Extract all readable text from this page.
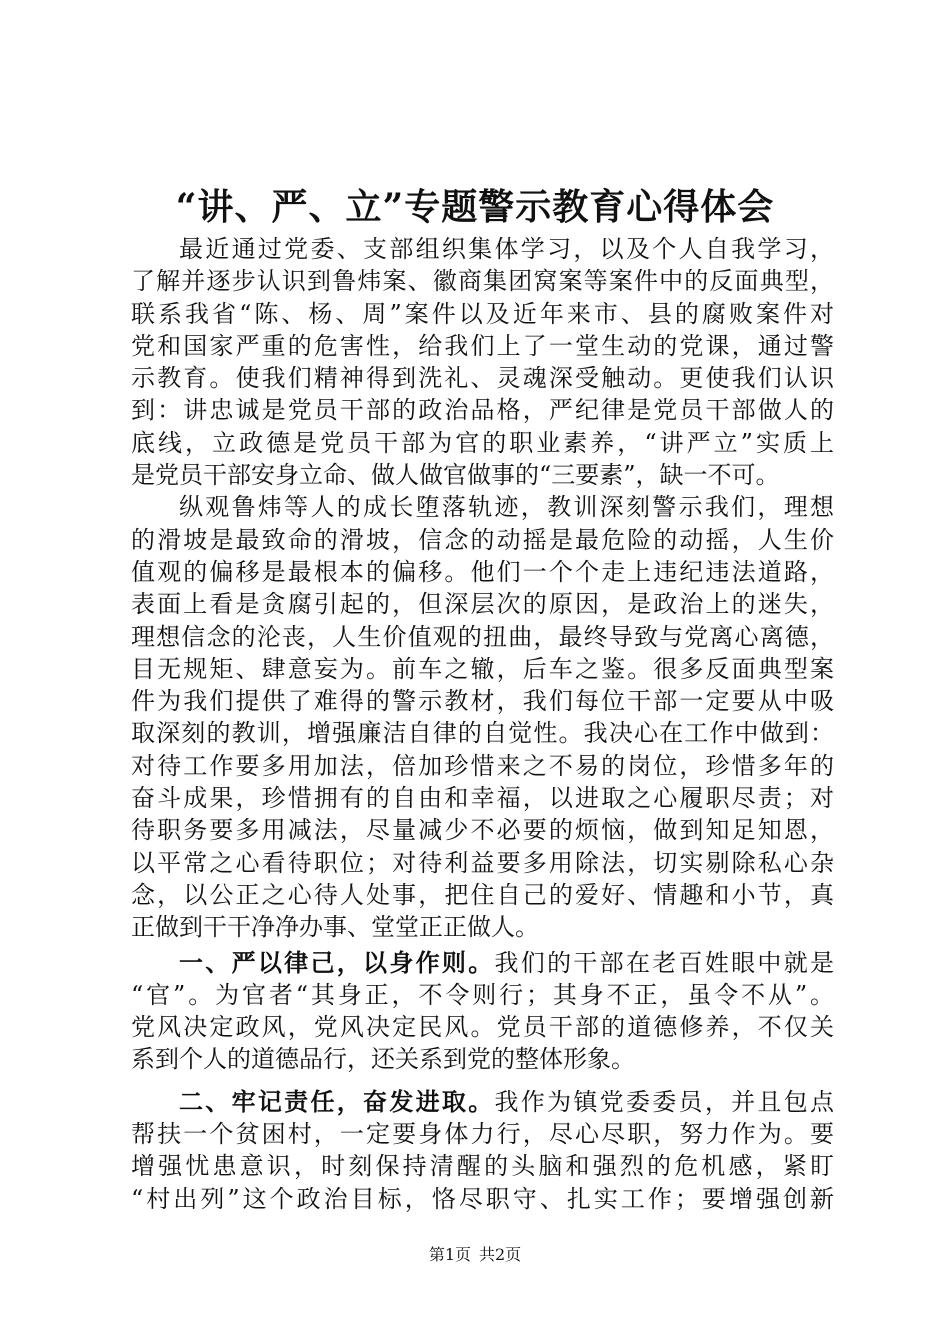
“讲、严、立”专题警示教育心得体会
最近通过党委、支部组织集体学习，以及个人自我学习，
了解并逐步认识到鲁炜案、徽商集团窝案等案件中的反面典型，
联系我省“陈、杨、周”案件以及近年来市、县的腐败案件对
党和国家严重的危害性，给我们上了一堂生动的党课，通过警
示教育。使我们精神得到洗礼、灵魂深受触动。更使我们认识
到：讲忠诚是党员干部的政治品格，严纪律是党员干部做人的
底线，立政德是党员干部为官的职业素养，“讲严立”实质上
是党员干部安身立命、做人做官做事的“三要素”，缺一不可。
纵观鲁炜等人的成长堕落轨迹，教训深刻警示我们，理想
的滑坡是最致命的滑坡，信念的动摇是最危险的动摇，人生价
值观的偏移是最根本的偏移。他们一个个走上违纪违法道路，
表面上看是贪腐引起的，但深层次的原因，是政治上的迷失，
理想信念的沦丧，人生价值观的扭曲，最终导致与党离心离德，
目无规矩、肆意妄为。前车之辙，后车之鉴。很多反面典型案
件为我们提供了难得的警示教材，我们每位干部一定要从中吸
取深刻的教训，增强廉洁自律的自觉性。我决心在工作中做到：
对待工作要多用加法，倍加珍惜来之不易的岗位，珍惜多年的
奋斗成果，珍惜拥有的自由和幸福，以进取之心履职尽责；对
待职务要多用减法，尽量减少不必要的烦恼，做到知足知恩，
以平常之心看待职位；对待利益要多用除法，切实剔除私心杂
念，以公正之心待人处事，把住自己的爱好、情趣和小节，真
正做到干干净净办事、堂堂正正做人。
一、严以律己，以身作则。我们的干部在老百姓眼中就是
“官”。为官者“其身正，不令则行；其身不正，虽令不从”。
党风决定政风，党风决定民风。党员干部的道德修养，不仅关
系到个人的道德品行，还关系到党的整体形象。
二、牢记责任，奋发进取。我作为镇党委委员，并且包点
帮扶一个贫困村，一定要身体力行，尽心尽职，努力作为。要
增强忧患意识，时刻保持清醒的头脑和强烈的危机感，紧盯
“村出列”这个政治目标，恪尽职守、扎实工作；要增强创新
第1页 共2页
